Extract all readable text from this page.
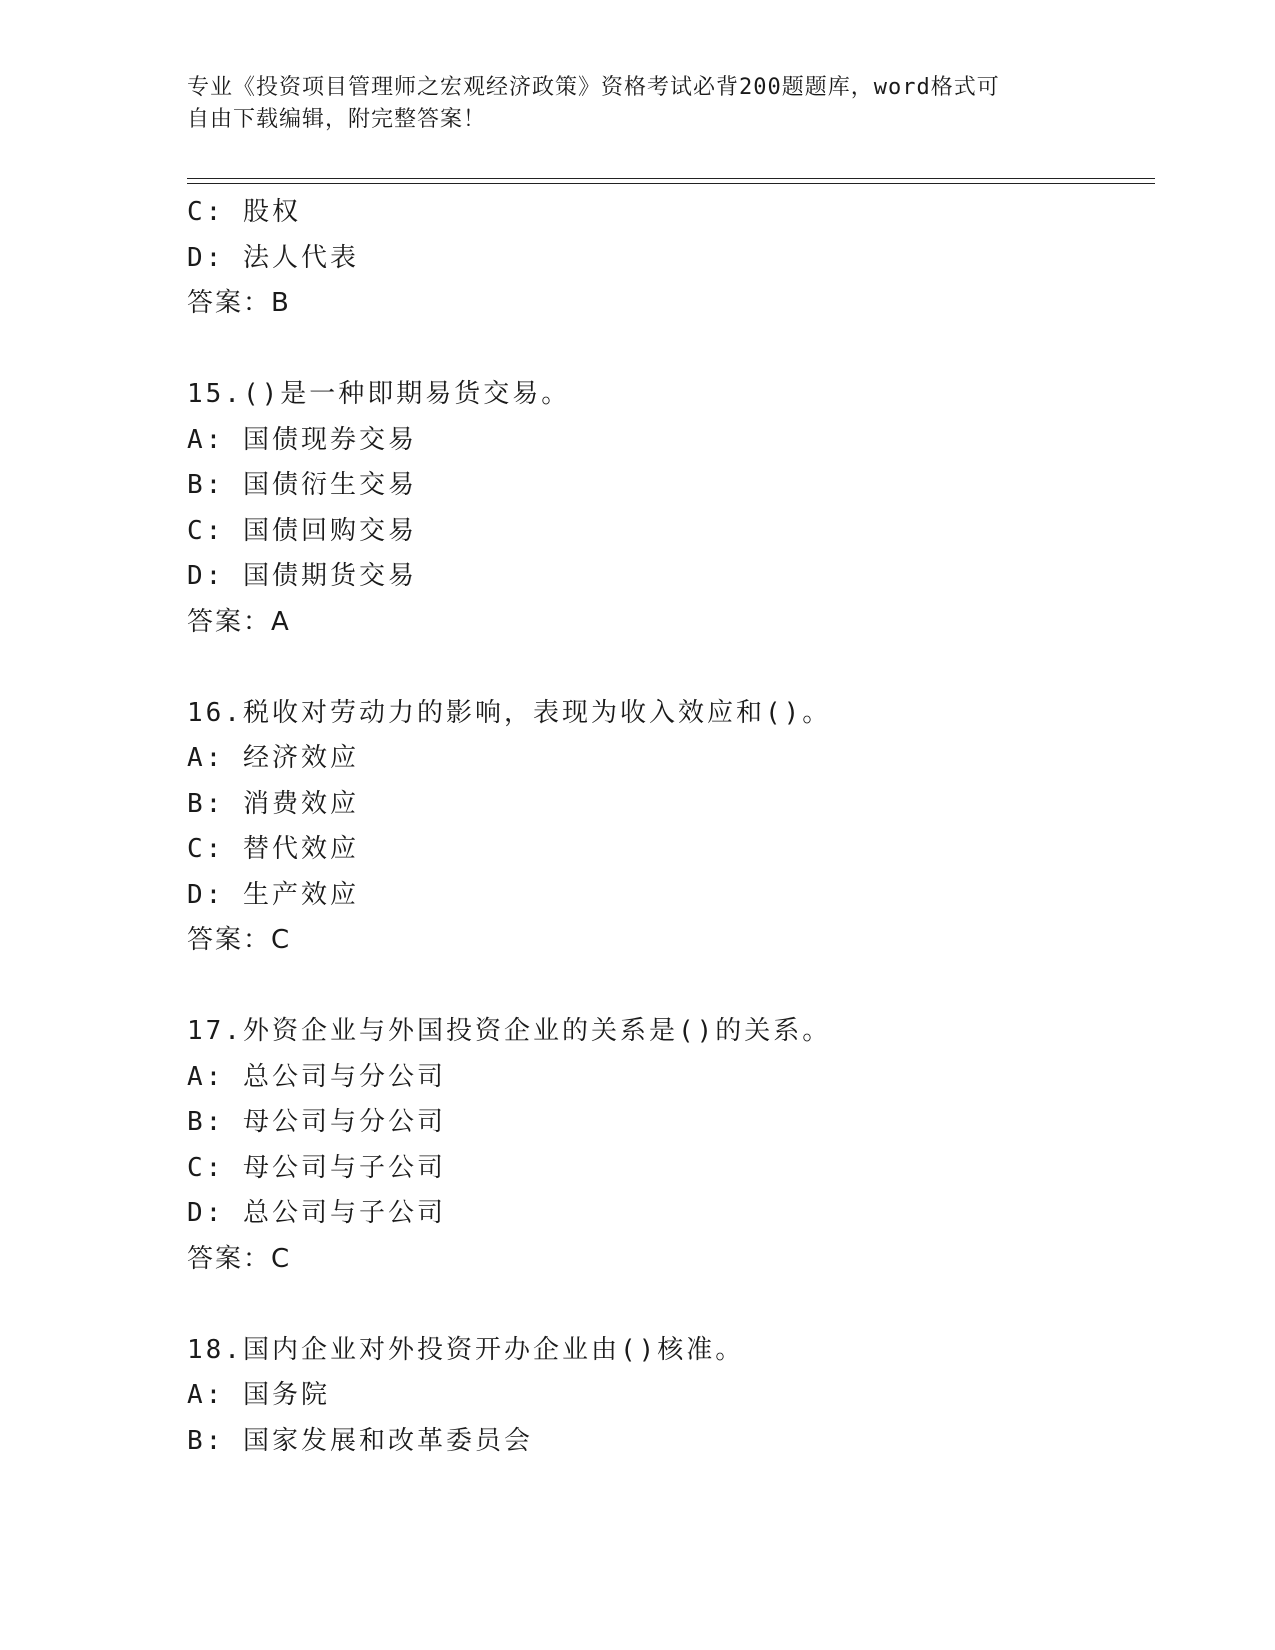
专业《投资项目管理师之宏观经济政策》资格考试必背200题题库，word格式可
自由下载编辑，附完整答案！
C: 股权
D: 法人代表
答案：B
15.()是一种即期易货交易。
A: 国债现券交易
B: 国债衍生交易
C: 国债回购交易
D: 国债期货交易
答案：A
16.税收对劳动力的影响，表现为收入效应和()。
A: 经济效应
B: 消费效应
C: 替代效应
D: 生产效应
答案：C
17.外资企业与外国投资企业的关系是()的关系。
A: 总公司与分公司
B: 母公司与分公司
C: 母公司与子公司
D: 总公司与子公司
答案：C
18.国内企业对外投资开办企业由()核准。
A: 国务院
B: 国家发展和改革委员会
